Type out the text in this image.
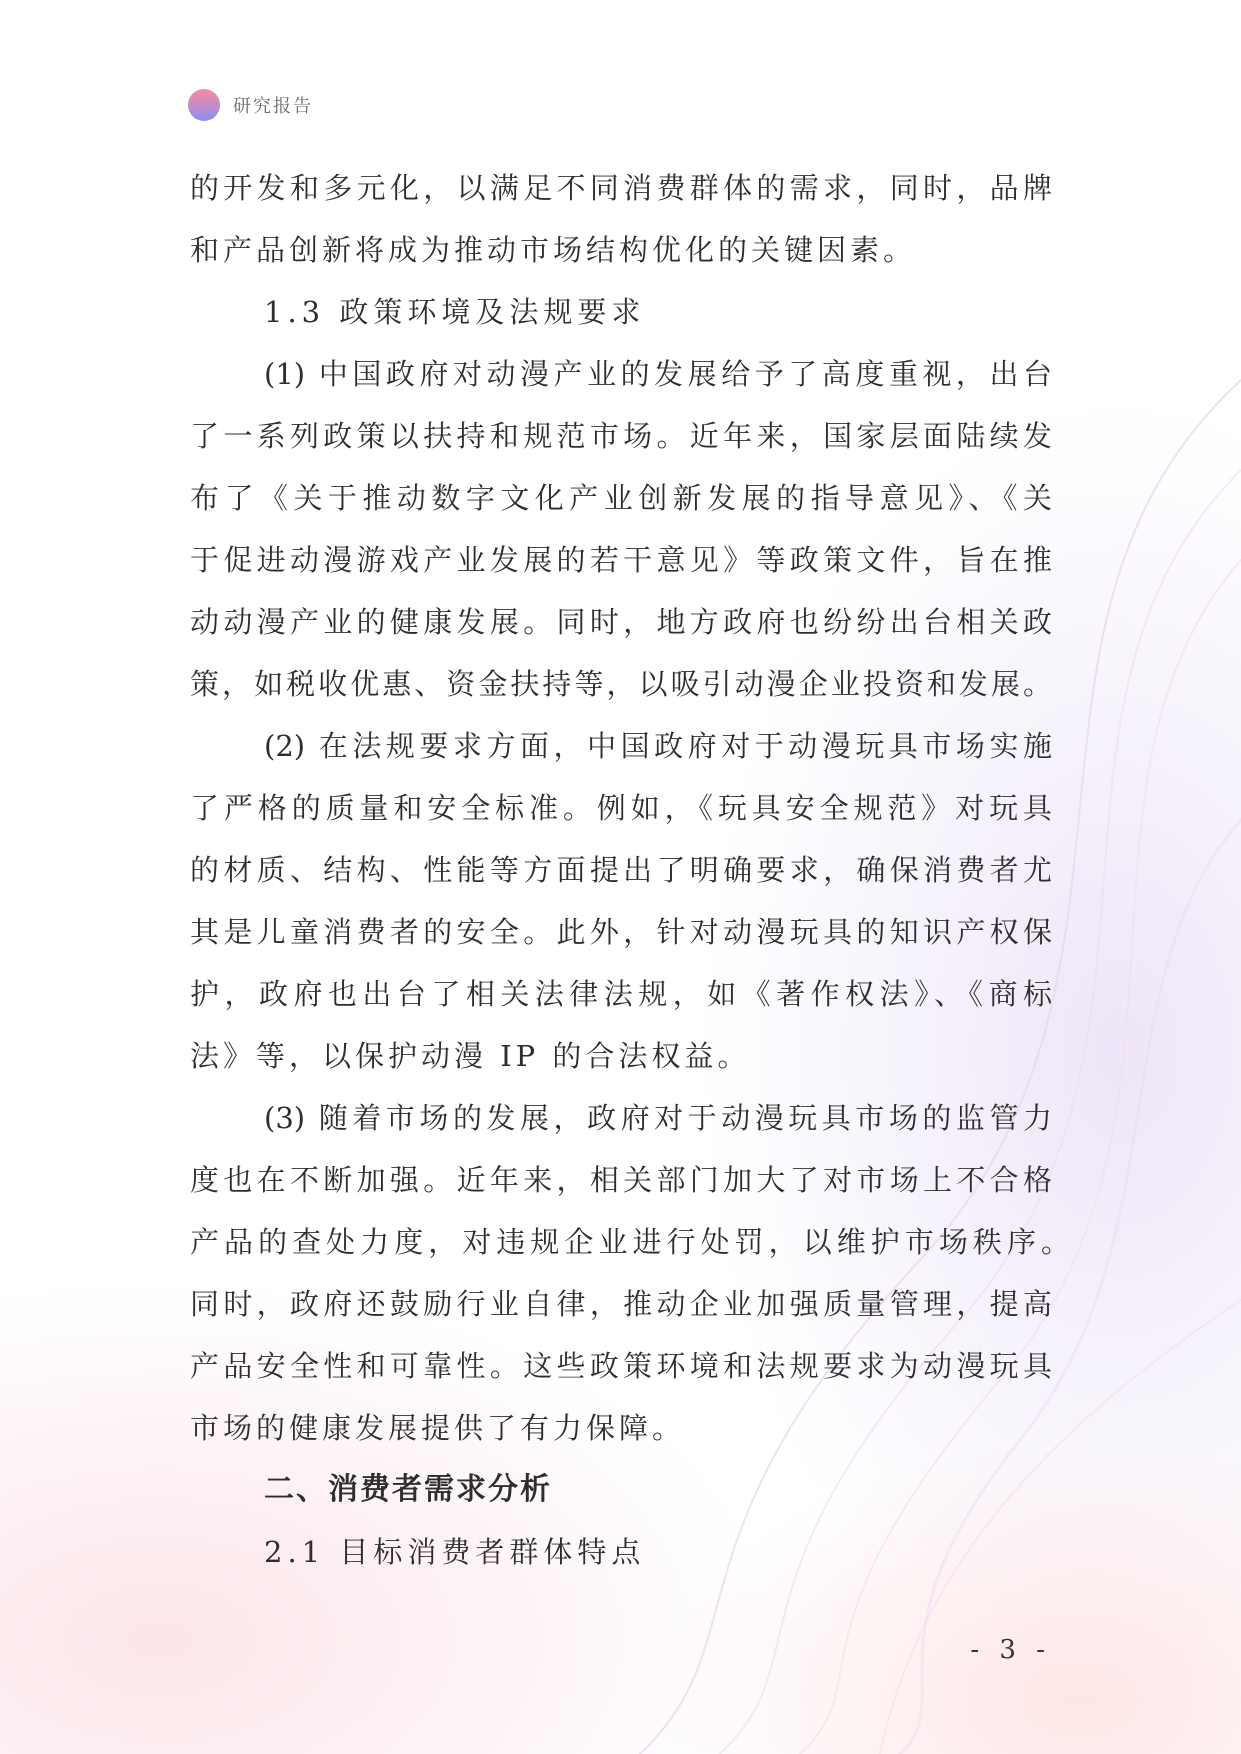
研究报告
的开发和多元化，以满足不同消费群体的需求，同时，品牌
和产品创新将成为推动市场结构优化的关键因素。
1.3 政策环境及法规要求
(1) 中国政府对动漫产业的发展给予了高度重视，出台
了一系列政策以扶持和规范市场。近年来，国家层面陆续发
布了《关于推动数字文化产业创新发展的指导意见》、《关
于促进动漫游戏产业发展的若干意见》等政策文件，旨在推
动动漫产业的健康发展。同时，地方政府也纷纷出台相关政
策，如税收优惠、资金扶持等，以吸引动漫企业投资和发展。
(2) 在法规要求方面，中国政府对于动漫玩具市场实施
了严格的质量和安全标准。例如，《玩具安全规范》对玩具
的材质、结构、性能等方面提出了明确要求，确保消费者尤
其是儿童消费者的安全。此外，针对动漫玩具的知识产权保
护，政府也出台了相关法律法规，如《著作权法》、《商标
法》等，以保护动漫 IP 的合法权益。
(3) 随着市场的发展，政府对于动漫玩具市场的监管力
度也在不断加强。近年来，相关部门加大了对市场上不合格
产品的查处力度，对违规企业进行处罚，以维护市场秩序。
同时，政府还鼓励行业自律，推动企业加强质量管理，提高
产品安全性和可靠性。这些政策环境和法规要求为动漫玩具
市场的健康发展提供了有力保障。
二、消费者需求分析
2.1 目标消费者群体特点
- 3 -
